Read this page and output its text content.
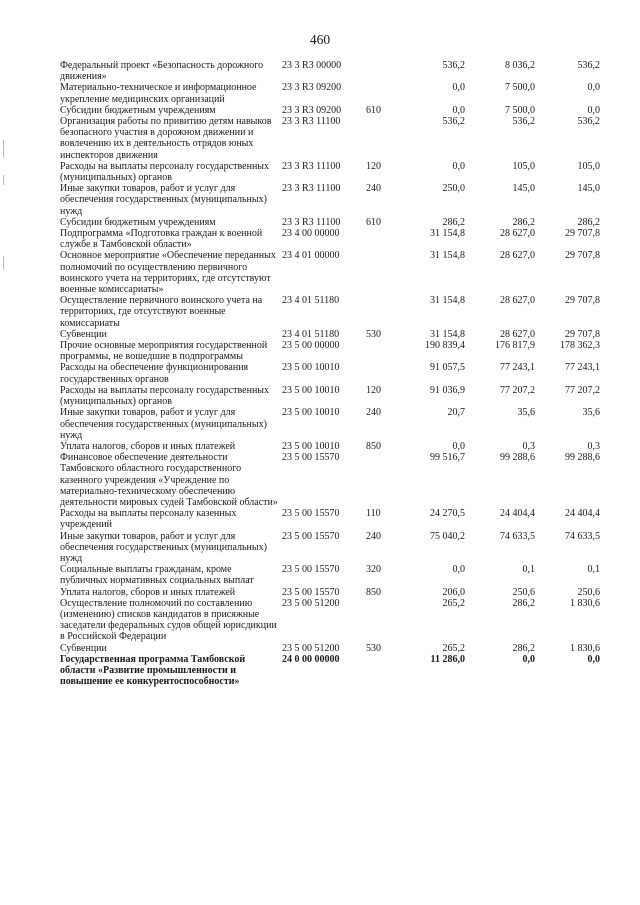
460
Федеральный проект «Безопасность дорожного движения»	23 3 R3 00000		536,2	8 036,2	536,2
Материально-техническое и информационное укрепление медицинских организаций	23 3 R3 09200		0,0	7 500,0	0,0
Субсидии бюджетным учреждениям	23 3 R3 09200	610	0,0	7 500,0	0,0
Организация работы по привитию детям навыков безопасного участия в дорожном движении и вовлечению их в деятельность отрядов юных инспекторов движения	23 3 R3 11100		536,2	536,2	536,2
Расходы на выплаты персоналу государственных (муниципальных) органов	23 3 R3 11100	120	0,0	105,0	105,0
Иные закупки товаров, работ и услуг для обеспечения государственных (муниципальных) нужд	23 3 R3 11100	240	250,0	145,0	145,0
Субсидии бюджетным учреждениям	23 3 R3 11100	610	286,2	286,2	286,2
Подпрограмма «Подготовка граждан к военной службе в Тамбовской области»	23 4 00 00000		31 154,8	28 627,0	29 707,8
Основное мероприятие «Обеспечение переданных полномочий по осуществлению первичного воинского учета на территориях, где отсутствуют военные комиссариаты»	23 4 01 00000		31 154,8	28 627,0	29 707,8
Осуществление первичного воинского учета на территориях, где отсутствуют военные комиссариаты	23 4 01 51180		31 154,8	28 627,0	29 707,8
Субвенции	23 4 01 51180	530	31 154,8	28 627,0	29 707,8
Прочие основные мероприятия государственной программы, не вошедшие в подпрограммы	23 5 00 00000		190 839,4	176 817,9	178 362,3
Расходы на обеспечение функционирования государственных органов	23 5 00 10010		91 057,5	77 243,1	77 243,1
Расходы на выплаты персоналу государственных (муниципальных) органов	23 5 00 10010	120	91 036,9	77 207,2	77 207,2
Иные закупки товаров, работ и услуг для обеспечения государственных (муниципальных) нужд	23 5 00 10010	240	20,7	35,6	35,6
Уплата налогов, сборов и иных платежей	23 5 00 10010	850	0,0	0,3	0,3
Финансовое обеспечение деятельности Тамбовского областного государственного казенного учреждения «Учреждение по материально-техническому обеспечению деятельности мировых судей Тамбовской области»	23 5 00 15570		99 516,7	99 288,6	99 288,6
Расходы на выплаты персоналу казенных учреждений	23 5 00 15570	110	24 270,5	24 404,4	24 404,4
Иные закупки товаров, работ и услуг для обеспечения государственных (муниципальных) нужд	23 5 00 15570	240	75 040,2	74 633,5	74 633,5
Социальные выплаты гражданам, кроме публичных нормативных социальных выплат	23 5 00 15570	320	0,0	0,1	0,1
Уплата налогов, сборов и иных платежей	23 5 00 15570	850	206,0	250,6	250,6
Осуществление полномочий по составлению (изменению) списков кандидатов в присяжные заседатели федеральных судов общей юрисдикции в Российской Федерации	23 5 00 51200		265,2	286,2	1 830,6
Субвенции	23 5 00 51200	530	265,2	286,2	1 830,6
Государственная программа Тамбовской области «Развитие промышленности и повышение ее конкурентоспособности»	24 0 00 00000		11 286,0	0,0	0,0
